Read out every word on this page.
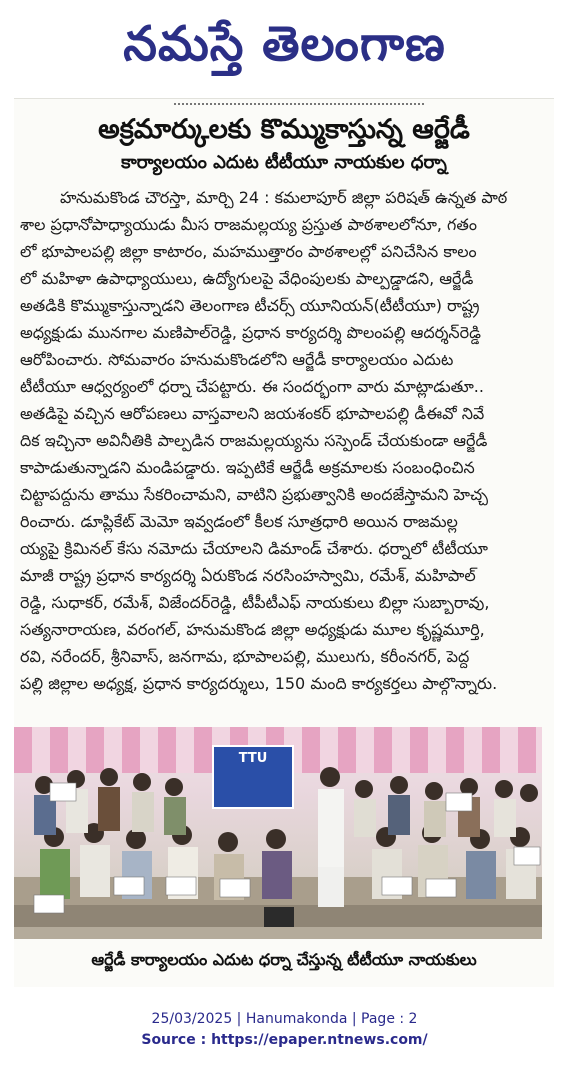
నమస్తే తెలంగాణ
అక్రమార్కులకు కొమ్ముకాస్తున్న ఆర్జేడీ
కార్యాలయం ఎదుట టీటీయూ నాయకుల ధర్నా
హనుమకొండ చౌరస్తా, మార్చి 24 : కమలాపూర్ జిల్లా పరిషత్ ఉన్నత పాఠ
శాల ప్రధానోపాధ్యాయుడు మీస రాజమల్లయ్య ప్రస్తుత పాఠశాలలోనూ, గతం
లో భూపాలపల్లి జిల్లా కాటారం, మహముత్తారం పాఠశాలల్లో పనిచేసిన కాలం
లో మహిళా ఉపాధ్యాయులు, ఉద్యోగులపై వేధింపులకు పాల్పడ్డాడని, ఆర్జేడీ
అతడికి కొమ్ముకాస్తున్నాడని తెలంగాణ టీచర్స్ యూనియన్(టీటీయూ) రాష్ట్ర
అధ్యక్షుడు మునగాల మణిపాల్‌రెడ్డి, ప్రధాన కార్యదర్శి పొలంపల్లి ఆదర్శన్‌రెడ్డి
ఆరోపించారు. సోమవారం హనుమకొండలోని ఆర్జేడీ కార్యాలయం ఎదుట
టీటీయూ ఆధ్వర్యంలో ధర్నా చేపట్టారు. ఈ సందర్భంగా వారు మాట్లాడుతూ..
అతడిపై వచ్చిన ఆరోపణలు వాస్తవాలని జయశంకర్ భూపాలపల్లి డీఈవో నివే
దిక ఇచ్చినా అవినీతికి పాల్పడిన రాజమల్లయ్యను సస్పెండ్ చేయకుండా ఆర్జేడీ
కాపాడుతున్నాడని మండిపడ్డారు. ఇప్పటికే ఆర్జేడీ అక్రమాలకు సంబంధించిన
చిట్టాపద్దును తాము సేకరించామని, వాటిని ప్రభుత్వానికి అందజేస్తామని హెచ్చ
రించారు. డూప్లికేట్ మెమో ఇవ్వడంలో కీలక సూత్రధారి అయిన రాజమల్ల
య్యపై క్రిమినల్ కేసు నమోదు చేయాలని డిమాండ్ చేశారు. ధర్నాలో టీటీయూ
మాజీ రాష్ట్ర ప్రధాన కార్యదర్శి ఏరుకొండ నరసింహస్వామి, రమేశ్, మహిపాల్
రెడ్డి, సుధాకర్, రమేశ్, విజేందర్‌రెడ్డి, టీపీటీఎఫ్ నాయకులు బిల్లా సుబ్బారావు,
సత్యనారాయణ, వరంగల్, హనుమకొండ జిల్లా అధ్యక్షుడు మూల కృష్ణమూర్తి,
రవి, నరేందర్, శ్రీనివాస్, జనగామ, భూపాలపల్లి, ములుగు, కరీంనగర్, పెద్ద
పల్లి జిల్లాల అధ్యక్ష, ప్రధాన కార్యదర్శులు, 150 మంది కార్యకర్తలు పాల్గొన్నారు.
TTU
ఆర్జేడీ కార్యాలయం ఎదుట ధర్నా చేస్తున్న టీటీయూ నాయకులు
25/03/2025 | Hanumakonda | Page : 2
Source : https://epaper.ntnews.com/
